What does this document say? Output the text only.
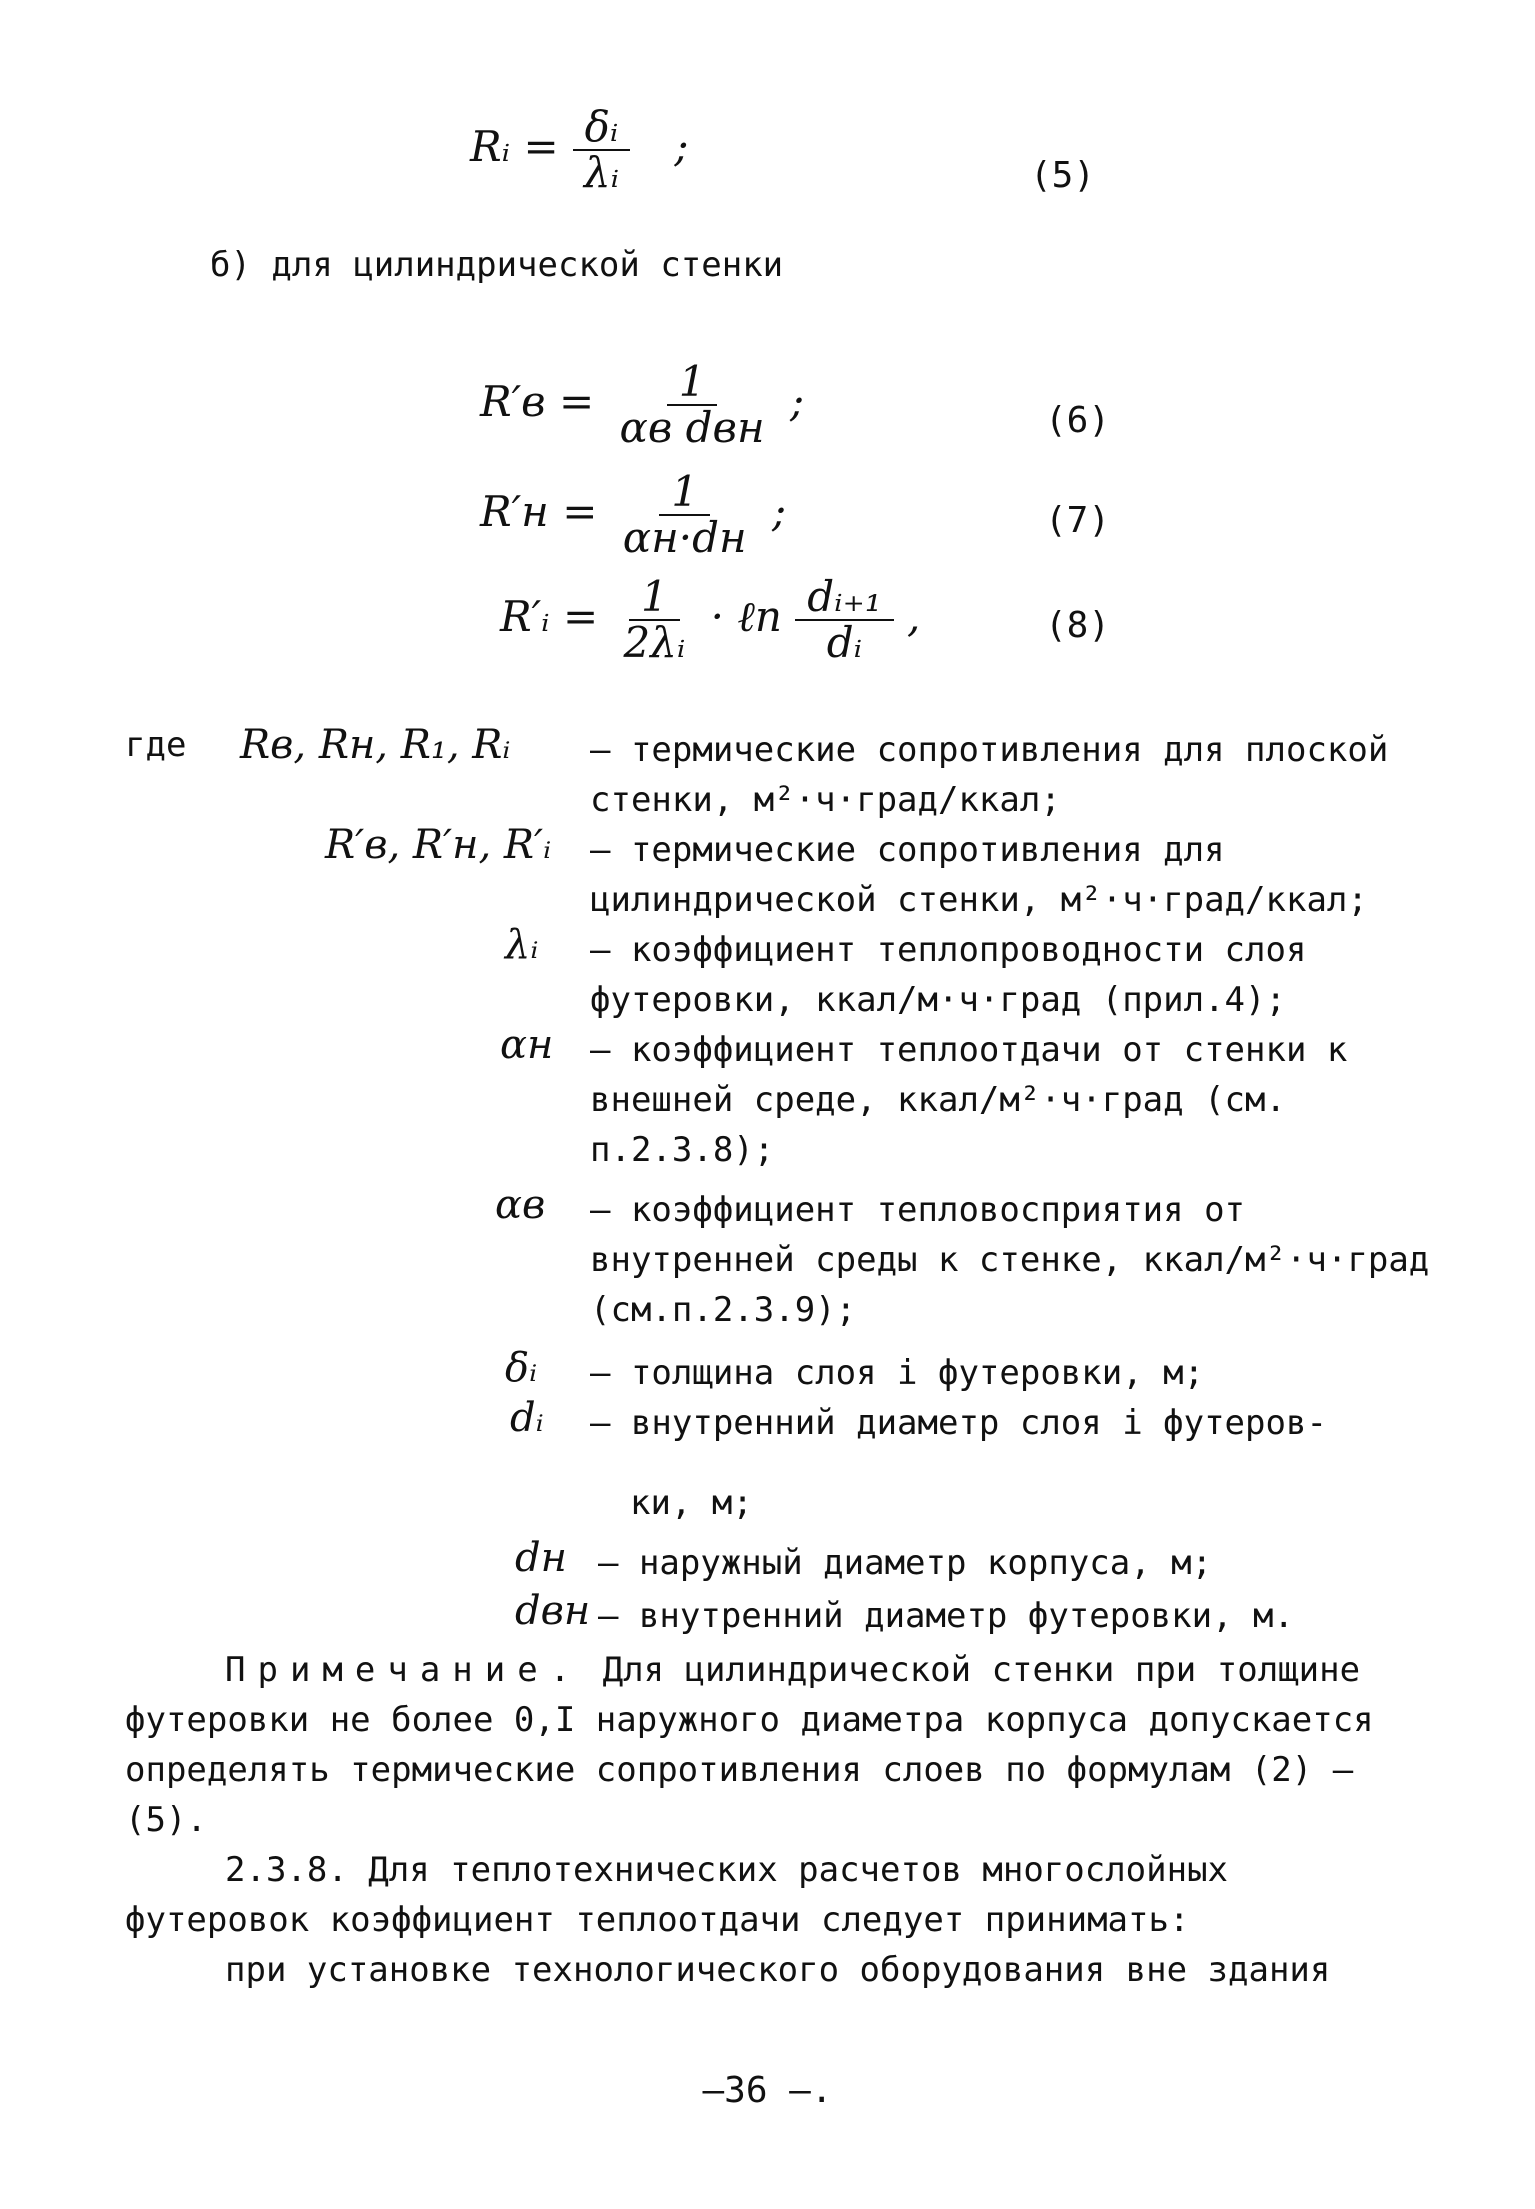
Rᵢ = $\frac{\text{δᵢ}}{\text{λᵢ}}$ ;
(5)
б) для цилиндрической стенки
$R'в = \frac{1}{\text{αв dвн}}$ ;	(6)
$R'н = \frac{1}{\alpha н\cdot dн}$ ;	(7)
R′ᵢ = $\frac{1}{\text{2λᵢ}}$ · ℓn $\frac{\text{dᵢ₊₁}}{\text{dᵢ}}$ ,	(8)
где Rв, Rн, R₁, Rᵢ – термические сопротивления для плоской стенки, м²·ч·град/ккал;
R′в, R′н, R′ᵢ – термические сопротивления для цилиндрической стенки, м²·ч·град/ккал;
λᵢ – коэффициент теплопроводности слоя футеровки, ккал/м·ч·град (прил.4);
αн – коэффициент теплоотдачи от стенки к внешней среде, ккал/м²·ч·град (см. п.2.3.8);
αв – коэффициент тепловосприятия от внутренней среды к стенке, ккал/м²·ч·град (см.п.2.3.9);
δᵢ – толщина слоя i футеровки, м;
dᵢ – внутренний диаметр слоя i футеров-
ки, м;
dн – наружный диаметр корпуса, м;
dвн – внутренний диаметр футеровки, м.
Примечание. Для цилиндрической стенки при толщине футеровки не более 0,I наружного диаметра корпуса допускается определять термические сопротивления слоев по формулам (2) – (5).
2.3.8. Для теплотехнических расчетов многослойных футеровок коэффициент теплоотдачи следует принимать:
при установке технологического оборудования вне здания
–36 –.
